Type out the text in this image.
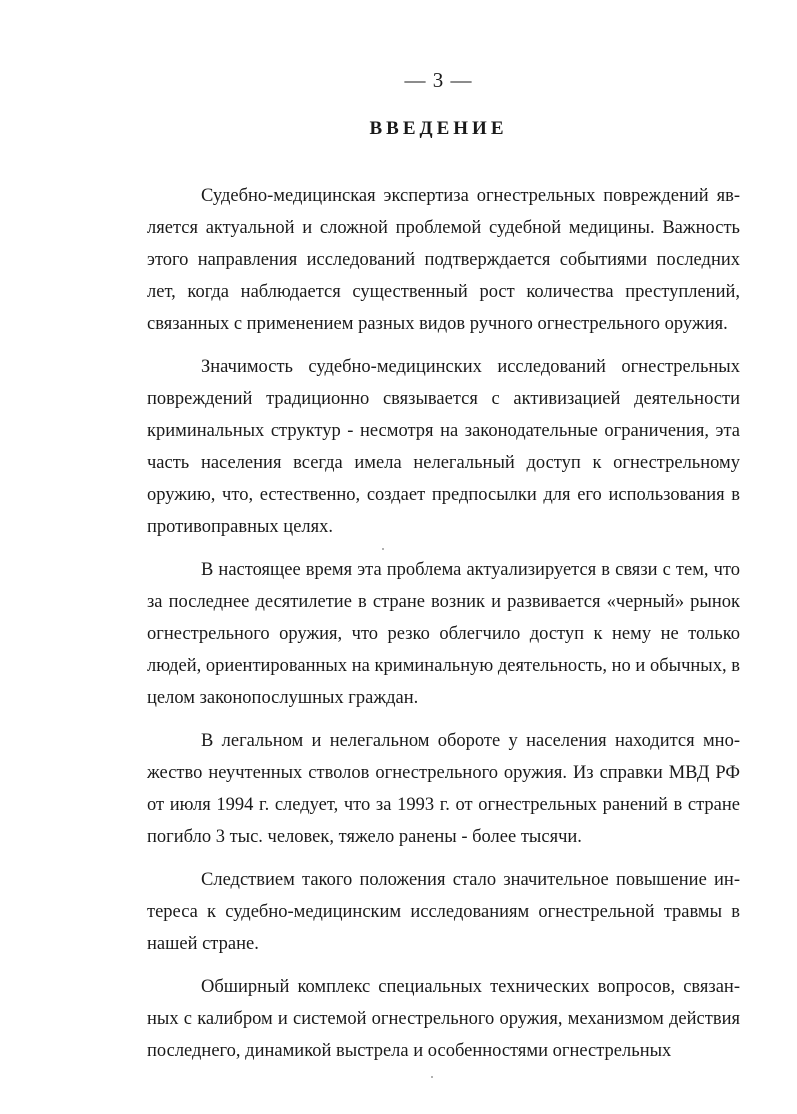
— 3 —
ВВЕДЕНИЕ

Судебно-медицинская экспертиза огнестрельных повреждений является актуальной и сложной проблемой судебной медицины. Важность этого направления исследований подтверждается событиями последних лет, когда наблюдается существенный рост количества преступлений, связанных с применением разных видов ручного огнестрельного оружия.

Значимость судебно-медицинских исследований огнестрельных повреждений традиционно связывается с активизацией деятельности криминальных структур - несмотря на законодательные ограничения, эта часть населения всегда имела нелегальный доступ к огнестрельному оружию, что, естественно, создает предпосылки для его использования в противоправных целях.

В настоящее время эта проблема актуализируется в связи с тем, что за последнее десятилетие в стране возник и развивается «черный» рынок огнестрельного оружия, что резко облегчило доступ к нему не только людей, ориентированных на криминальную деятельность, но и обычных, в целом законопослушных граждан.

В легальном и нелегальном обороте у населения находится множество неучтенных стволов огнестрельного оружия. Из справки МВД РФ от июля 1994 г. следует, что за 1993 г. от огнестрельных ранений в стране погибло 3 тыс. человек, тяжело ранены - более тысячи.

Следствием такого положения стало значительное повышение интереса к судебно-медицинским исследованиям огнестрельной травмы в нашей стране.

Обширный комплекс специальных технических вопросов, связанных с калибром и системой огнестрельного оружия, механизмом действия последнего, динамикой выстрела и особенностями огнестрельных
